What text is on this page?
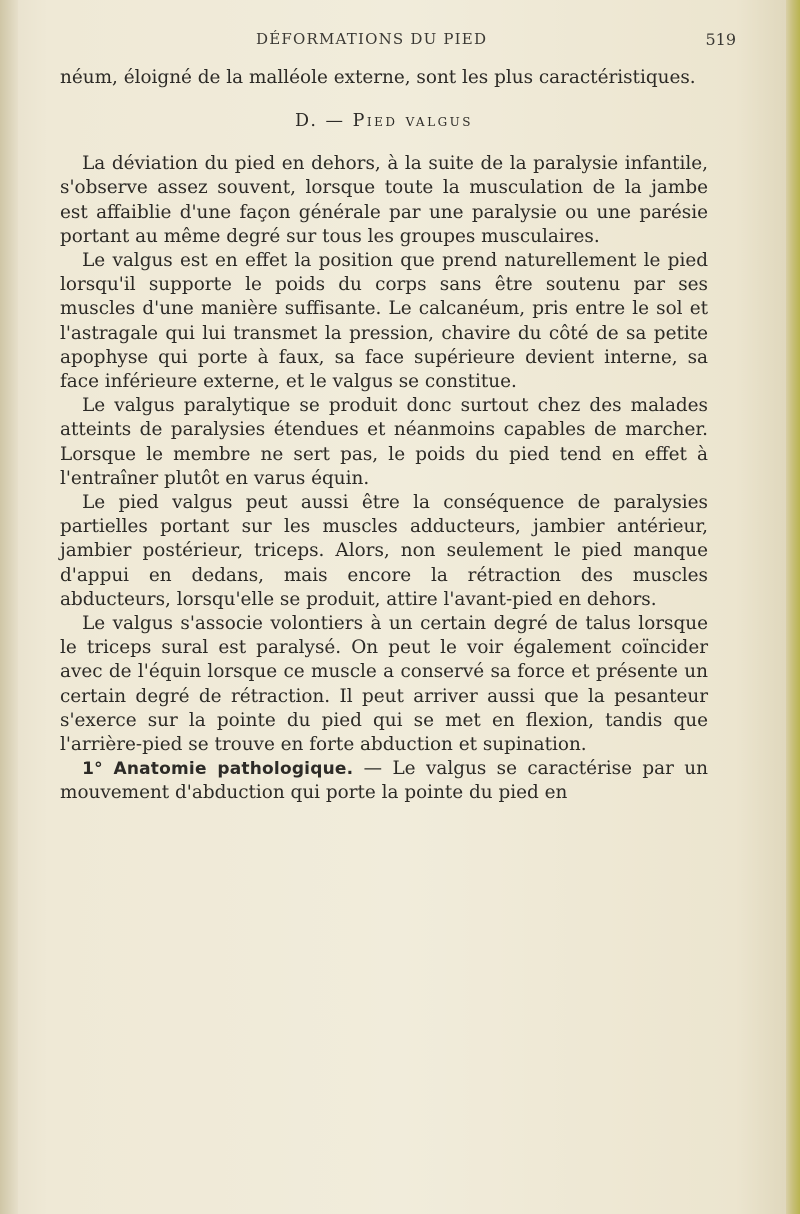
DÉFORMATIONS DU PIED	519

néum, éloigné de la malléole externe, sont les plus caractéristiques.

D. — Pied valgus

La déviation du pied en dehors, à la suite de la paralysie infantile, s'observe assez souvent, lorsque toute la musculation de la jambe est affaiblie d'une façon générale par une paralysie ou une parésie portant au même degré sur tous les groupes musculaires.

Le valgus est en effet la position que prend naturellement le pied lorsqu'il supporte le poids du corps sans être soutenu par ses muscles d'une manière suffisante. Le calcanéum, pris entre le sol et l'astragale qui lui transmet la pression, chavire du côté de sa petite apophyse qui porte à faux, sa face supérieure devient interne, sa face inférieure externe, et le valgus se constitue.

Le valgus paralytique se produit donc surtout chez des malades atteints de paralysies étendues et néanmoins capables de marcher. Lorsque le membre ne sert pas, le poids du pied tend en effet à l'entraîner plutôt en varus équin.

Le pied valgus peut aussi être la conséquence de paralysies partielles portant sur les muscles adducteurs, jambier antérieur, jambier postérieur, triceps. Alors, non seulement le pied manque d'appui en dedans, mais encore la rétraction des muscles abducteurs, lorsqu'elle se produit, attire l'avant-pied en dehors.

Le valgus s'associe volontiers à un certain degré de talus lorsque le triceps sural est paralysé. On peut le voir également coïncider avec de l'équin lorsque ce muscle a conservé sa force et présente un certain degré de rétraction. Il peut arriver aussi que la pesanteur s'exerce sur la pointe du pied qui se met en flexion, tandis que l'arrière-pied se trouve en forte abduction et supination.

1° Anatomie pathologique. — Le valgus se caractérise par un mouvement d'abduction qui porte la pointe du pied en
